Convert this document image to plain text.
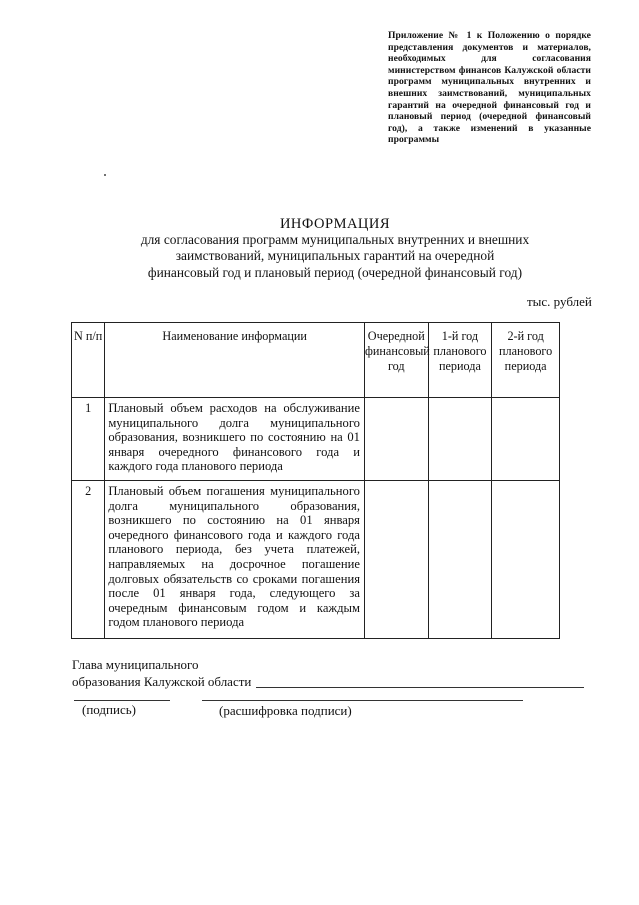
Приложение № 1 к Положению о порядке представления документов и материалов, необходимых для согласования министерством финансов Калужской области программ муниципальных внутренних и внешних заимствований, муниципальных гарантий на очередной финансовый год и плановый период (очередной финансовый год), а также изменений в указанные программы
ИНФОРМАЦИЯ
для согласования программ муниципальных внутренних и внешних
заимствований, муниципальных гарантий на очередной
финансовый год и плановый период (очередной финансовый год)
тыс. рублей
N п/п	Наименование информации	Очередной финансовый год	1-й год планового периода	2-й год планового периода
1	Плановый объем расходов на обслуживание муниципального долга муниципального образования, возникшего по состоянию на 01 января очередного финансового года и каждого года планового периода			
2	Плановый объем погашения муниципального долга муниципального образования, возникшего по состоянию на 01 января очередного финансового года и каждого года планового периода, без учета платежей, направляемых на досрочное погашение долговых обязательств со сроками погашения после 01 января года, следующего за очередным финансовым годом и каждым годом планового периода			
Глава муниципального
образования Калужской области
(подпись)	(расшифровка подписи)
